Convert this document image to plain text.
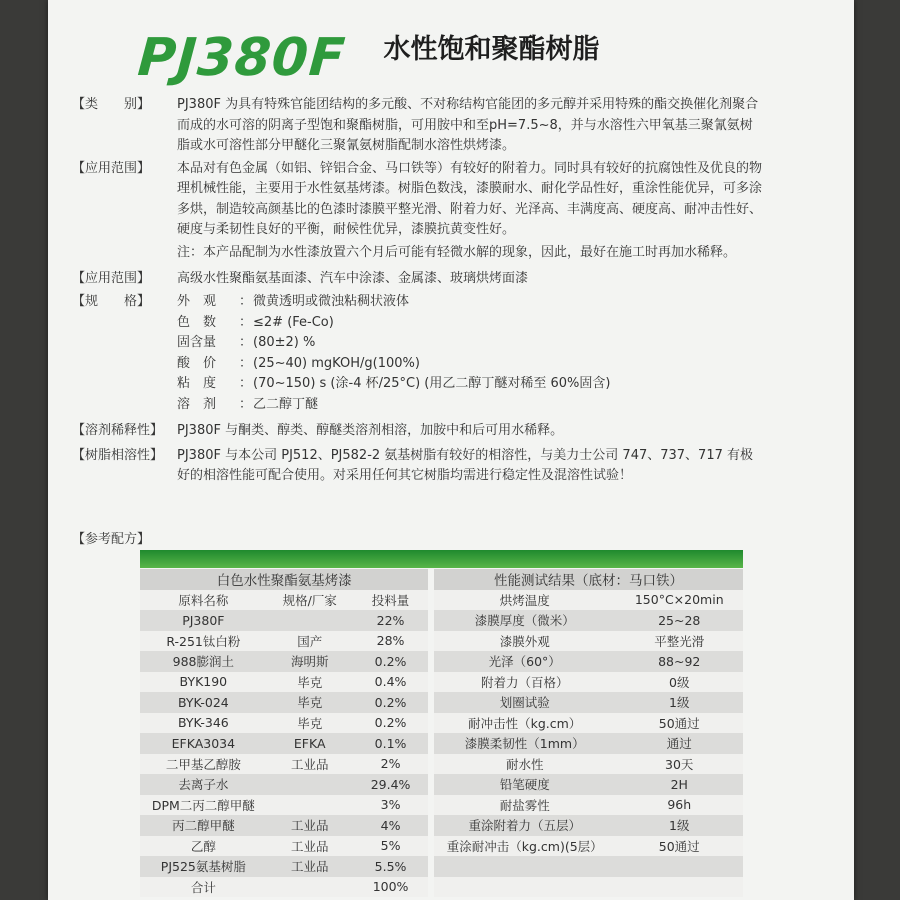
PJ380F 水性饱和聚酯树脂
【类　　别】	PJ380F 为具有特殊官能团结构的多元酸、不对称结构官能团的多元醇并采用特殊的酯交换催化剂聚合而成的水可溶的阴离子型饱和聚酯树脂，可用胺中和至pH=7.5~8，并与水溶性六甲氧基三聚氰氨树脂或水可溶性部分甲醚化三聚氰氨树脂配制水溶性烘烤漆。
【应用范围】	本品对有色金属（如铝、锌铝合金、马口铁等）有较好的附着力。同时具有较好的抗腐蚀性及优良的物理机械性能，主要用于水性氨基烤漆。树脂色数浅，漆膜耐水、耐化学品性好，重涂性能优异，可多涂多烘，制造较高颜基比的色漆时漆膜平整光滑、附着力好、光泽高、丰满度高、硬度高、耐冲击性好、硬度与柔韧性良好的平衡，耐候性优异，漆膜抗黄变性好。
注：本产品配制为水性漆放置六个月后可能有轻微水解的现象，因此，最好在施工时再加水稀释。
【应用范围】	高级水性聚酯氨基面漆、汽车中涂漆、金属漆、玻璃烘烤面漆
【规　　格】	外　观	： 微黄透明或微浊粘稠状液体
色　数	： ≤2# (Fe-Co)
固含量	： (80±2) %
酸　价	： (25~40) mgKOH/g(100%)
粘　度	： (70~150) s (涂-4 杯/25°C) (用乙二醇丁醚对稀至 60%固含)
溶　剂	： 乙二醇丁醚
【溶剂稀释性】	PJ380F 与酮类、醇类、醇醚类溶剂相溶，加胺中和后可用水稀释。
【树脂相溶性】	PJ380F 与本公司 PJ512、PJ582-2 氨基树脂有较好的相溶性，与美力士公司 747、737、717 有极好的相溶性能可配合使用。对采用任何其它树脂均需进行稳定性及混溶性试验！
【参考配方】
白色水性聚酯氨基烤漆				性能测试结果（底材：马口铁）	
原料名称	规格/厂家	投料量		烘烤温度	150°C×20min
PJ380F		22%		漆膜厚度（微米）	25~28
R-251钛白粉	国产	28%		漆膜外观	平整光滑
988膨润土	海明斯	0.2%		光泽（60°）	88~92
BYK190	毕克	0.4%		附着力（百格）	0级
BYK-024	毕克	0.2%		划圈试验	1级
BYK-346	毕克	0.2%		耐冲击性（kg.cm）	50通过
EFKA3034	EFKA	0.1%		漆膜柔韧性（1mm）	通过
二甲基乙醇胺	工业品	2%		耐水性	30天
去离子水		29.4%		铅笔硬度	2H
DPM二丙二醇甲醚		3%		耐盐雾性	96h
丙二醇甲醚	工业品	4%		重涂附着力（五层）	1级
乙醇	工业品	5%		重涂耐冲击（kg.cm)(5层）	50通过
PJ525氨基树脂	工业品	5.5%			
合计		100%			
